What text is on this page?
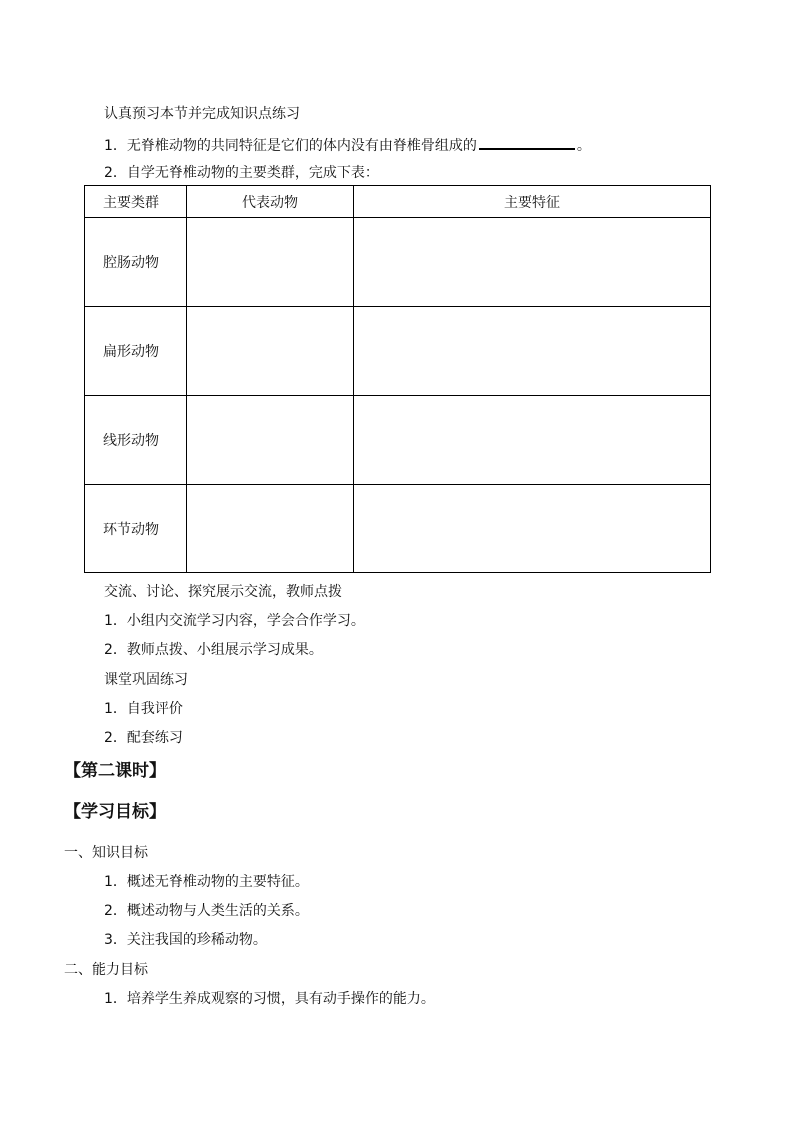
认真预习本节并完成知识点练习
1．无脊椎动物的共同特征是它们的体内没有由脊椎骨组成的	。
2．自学无脊椎动物的主要类群，完成下表：
主要类群	代表动物	主要特征
腔肠动物		
扁形动物		
线形动物		
环节动物		
交流、讨论、探究展示交流，教师点拨
1．小组内交流学习内容，学会合作学习。
2．教师点拨、小组展示学习成果。
课堂巩固练习
1．自我评价
2．配套练习
【第二课时】
【学习目标】
一、知识目标
1．概述无脊椎动物的主要特征。
2．概述动物与人类生活的关系。
3．关注我国的珍稀动物。
二、能力目标
1．培养学生养成观察的习惯，具有动手操作的能力。
